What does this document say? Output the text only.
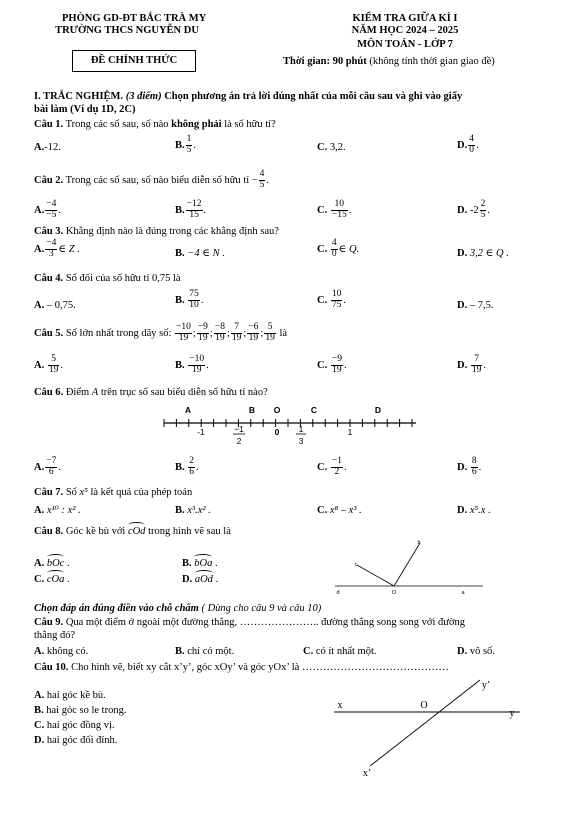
PHÒNG GD-ĐT BẮC TRÀ MY
TRƯỜNG THCS NGUYỄN DU
ĐỀ CHÍNH THỨC
KIỂM TRA GIỮA KÌ I
NĂM HỌC 2024 – 2025
MÔN TOÁN - LỚP 7
Thời gian: 90 phút (không tính thời gian giao đề)
I. TRẮC NGHIỆM. (3 điểm) Chọn phương án trả lời đúng nhất của mỗi câu sau và ghi vào giấy
bài làm (Ví dụ 1D, 2C)
Câu 1. Trong các số sau, số nào không phải là số hữu tỉ?
A.-12.	B. $\frac{1}{5}$ .	C. 3,2.	D. $\frac{4}{0}$ .
Câu 2. Trong các số sau, số nào biểu diễn số hữu tỉ − $\frac{4}{5}$ .
A. $\frac{-4}{-5}$ .	B. $\frac{-12}{15}$ .	C. $\frac{10}{-15}$ .	D. $-2 \frac{2}{5}$ .
Câu 3. Khẳng định nào là đúng trong các khẳng định sau?
A. $\frac{-4}{3}$ ∈ Z .	B. −4 ∈ N .	C. $\frac{4}{0}$ ∈ Q.	D. 3,2 ∈ Q .
Câu 4. Số đối của số hữu tỉ 0,75 là
A. – 0,75.	B. $\frac{75}{10}$ .	C. $\frac{10}{75}$ .	D. – 7,5.
Câu 5. Số lớn nhất trong dãy số: $\frac{-10}{19}$ ; $\frac{-9}{19}$ ; $\frac{-8}{19}$ ; $\frac{7}{19}$ ; $\frac{-6}{19}$ ; $\frac{5}{19}$ là
A. $\frac{5}{19}$ .	B. $\frac{-10}{19}$ .	C. $\frac{-9}{19}$ .	D. $\frac{7}{19}$ .
Câu 6. Điểm A trên trục số sau biểu diễn số hữu tỉ nào?
A	B O	C	D
-1	−1
2
0 1
3
1
A. $\frac{-7}{6}$ .	B. $\frac{2}{6}$ .	C. $\frac{-1}{2}$ .	D. $\frac{8}{6}$ .
Câu 7. Số x⁵ là kết quả của phép toán
A. x¹⁰ : x² .	B. x³.x² .	C. x⁸ – x³ .	D. x⁵.x .
Câu 8. Góc kề bù với cOd trong hình vẽ sau là
A. bOc .	B. bOa .
C. cOa .	D. aOd .
b
c
d	O	a
Chọn đáp án đúng điền vào chỗ chấm ( Dùng cho câu 9 và câu 10)
Câu 9. Qua một điểm ở ngoài một đường thẳng, ………………….. đường thẳng song song với đường
thẳng đó?
A. không có.	B. chỉ có một.	C. có ít nhất một.	D. vô số.
Câu 10. Cho hình vẽ, biết xy cắt x’y’, góc xOy’ và góc yOx’ là ……………………………………
A. hai góc kề bù.
B. hai góc so le trong.
C. hai góc đồng vị.
D. hai góc đối đỉnh.
y’
x	O
y
x’
